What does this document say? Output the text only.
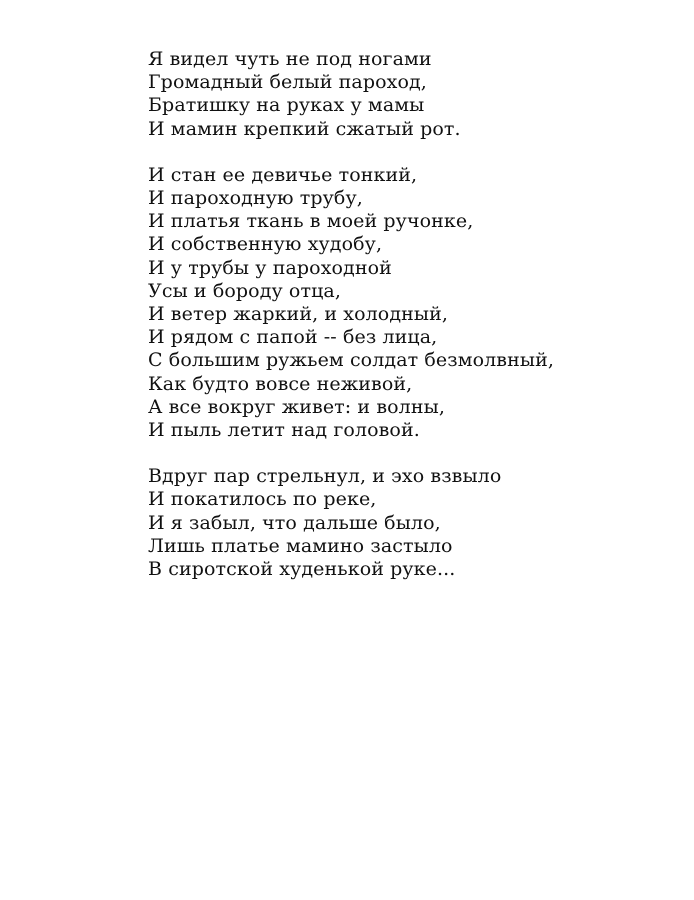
Я видел чуть не под ногами
Громадный белый пароход,
Братишку на руках у мамы
И мамин крепкий сжатый рот.
И стан ее девичье тонкий,
И пароходную трубу,
И платья ткань в моей ручонке,
И собственную худобу,
И у трубы у пароходной
Усы и бороду отца,
И ветер жаркий, и холодный,
И рядом с папой -- без лица,
С большим ружьем солдат безмолвный,
Как будто вовсе неживой,
А все вокруг живет: и волны,
И пыль летит над головой.
Вдруг пар стрельнул, и эхо взвыло
И покатилось по реке,
И я забыл, что дальше было,
Лишь платье мамино застыло
В сиротской худенькой руке...
